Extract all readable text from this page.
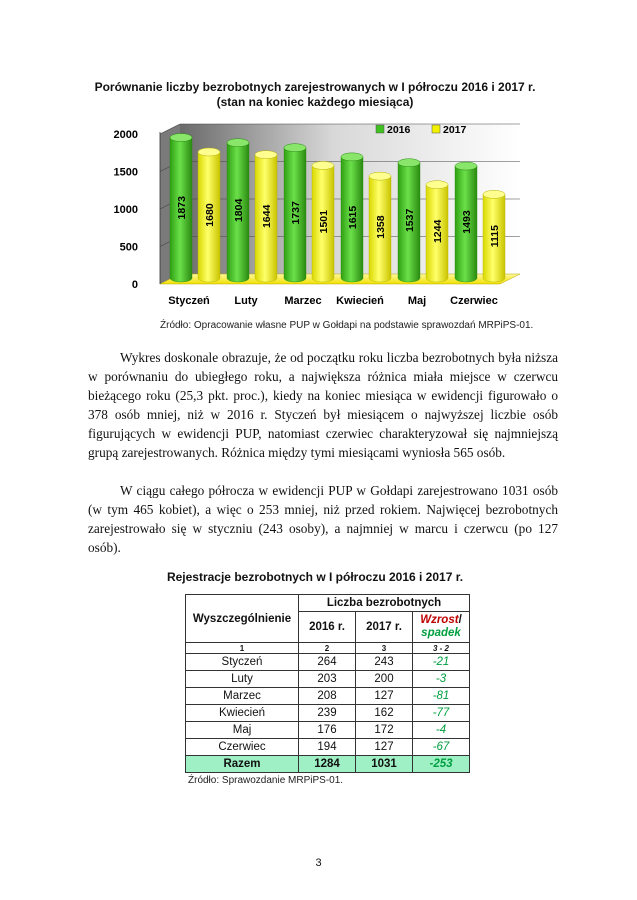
Porównanie liczby bezrobotnych zarejestrowanych w I półroczu 2016 i 2017 r.
(stan na koniec każdego miesiąca)
0
500
1000
1500
2000
1873 1680
Styczeń
1804 1644
Luty
1737 1501
Marzec
1615 1358
Kwiecień
1537 1244
Maj
1493
1115
Czerwiec
2016	2017
Źródło: Opracowanie własne PUP w Gołdapi na podstawie sprawozdań MRPiPS-01.

Wykres doskonale obrazuje, że od początku roku liczba bezrobotnych była niższa w porównaniu do ubiegłego roku, a największa różnica miała miejsce w czerwcu bieżącego roku (25,3 pkt. proc.), kiedy na koniec miesiąca w ewidencji figurowało o 378 osób mniej, niż w 2016 r. Styczeń był miesiącem o najwyższej liczbie osób figurujących w ewidencji PUP, natomiast czerwiec charakteryzował się najmniejszą grupą zarejestrowanych. Różnica między tymi miesiącami wyniosła 565 osób.

W ciągu całego półrocza w ewidencji PUP w Gołdapi zarejestrowano 1031 osób (w tym 465 kobiet), a więc o 253 mniej, niż przed rokiem. Najwięcej bezrobotnych zarejestrowało się w styczniu (243 osoby), a najmniej w marcu i czerwcu (po 127 osób).

Rejestracje bezrobotnych w I półroczu 2016 i 2017 r.
Wyszczególnienie	Liczba bezrobotnych		
	2016 r.	2017 r.	Wzrost/
spadek
1	2	3	3 - 2
Styczeń	264	243	-21
Luty	203	200	-3
Marzec	208	127	-81
Kwiecień	239	162	-77
Maj	176	172	-4
Czerwiec	194	127	-67
Razem	1284	1031	-253
Źródło: Sprawozdanie MRPiPS-01.
3
